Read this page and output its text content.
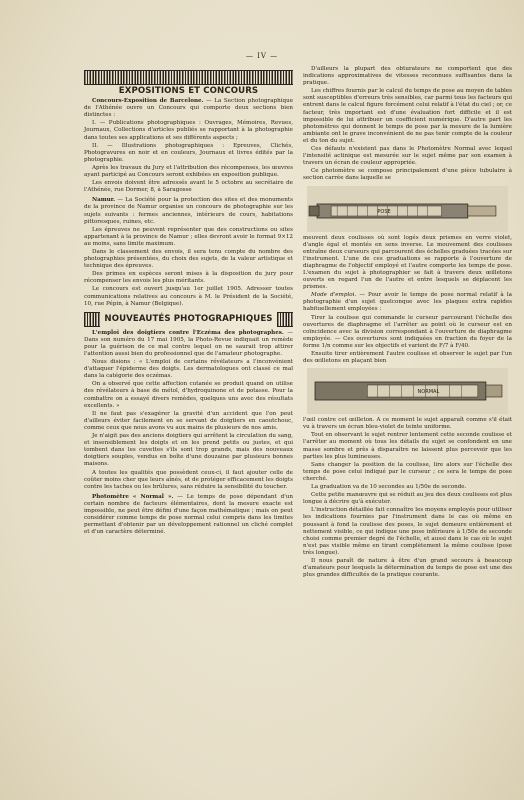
— IV —
EXPOSITIONS ET CONCOURS

Concours-Exposition de Barcelone. — La Section photographique de l'Athénée ouvre un Concours qui comporte deux sections bien distinctes :

I. — Publications photographiques : Ouvrages, Mémoires, Revues, Journaux, Collections d'articles publiés se rapportant à la photographie dans toutes ses applications et ses différents aspects ;

II. — Illustrations photographiques : Epreuves, Clichés, Photogravures en noir et en couleurs, Journaux et livres édités par la photographie.

Après les travaux du Jury et l'attribution des récompenses, les œuvres ayant participé au Concours seront exhibées en exposition publique.

Les envois doivent être adressés avant le 5 octobre au secrétaire de l'Athénée, rue Dormer, 8, à Saragosse

Namur. — La Société pour la protection des sites et des monuments de la province de Namur organise un concours de photographie sur les sujets suivants : fermes anciennes, intérieurs de cours, habitations pittoresques, ruines, etc.

Les épreuves ne peuvent représenter que des constructions ou sites appartenant à la province de Namur ; elles devront avoir le format 9×12 au moins, sans limite maximum.

Dans le classement des envois, il sera tenu compte du nombre des photographies présentées, du choix des sujets, de la valeur artistique et technique des épreuves.

Des primes en espèces seront mises à la disposition du jury pour récompenser les envois les plus méritants.

Le concours est ouvert jusqu'au 1er juillet 1905. Adresser toutes communications relatives au concours à M. le Président de la Société, 10, rue Pépin, à Namur (Belgique).

NOUVEAUTÉS PHOTOGRAPHIQUES

L'emploi des doigtiers contre l'Eczéma des photographes. — Dans son numéro du 17 mai 1905, la Photo-Revue indiquait un remède pour la guérison de ce mal contre lequel on ne saurait trop attirer l'attention aussi bien du professionnel que de l'amateur photographe.

Nous disions : « L'emploi de certains révélateurs a l'inconvénient d'attaquer l'épiderme des doigts. Les dermatologues ont classé ce mal dans la catégorie des eczémas.

On a observé que cette affection cutanée se produit quand on utilise des révélateurs à base de métol, d'hydroquinone et de potasse. Pour la combattre on a essayé divers remèdes, quelques uns avec des résultats excellents. »

Il ne faut pas s'exagérer la gravité d'un accident que l'on peut d'ailleurs éviter facilement en se servant de doigtiers en caoutchouc, comme ceux que nous avons vu aux mains de plusieurs de nos amis.

Je n'aigit pas des anciens doigtiers qui arrêtent la circulation du sang, et insensiblement les doigts et on les prend petits ou justes, et qui tombent dans les cuvettes s'ils sont trop grands, mais des nouveaux doigtiers souples, vendus en boîte d'une douzaine par plusieurs bonnes maisons.

A toutes les qualités que possèdent ceux-ci, il faut ajouter celle de coûter moins cher que leurs aînés, et de protéger efficacement les doigts contre les taches ou les brûlures, sans réduire la sensibilité du toucher.

Photomètre « Normal ». — Le temps de pose dépendant d'un certain nombre de facteurs élémentaires, dont la mesure exacte est impossible, ne peut être défini d'une façon mathématique ; mais on peut considérer comme temps de pose normal celui compris dans les limites permettant d'obtenir par un développement rationnel un cliché complet et d'un caractère déterminé.

D'ailleurs la plupart des obturateurs ne comportent que des indications approximatives de vitesses reconnues suffisantes dans la pratique.

Les chiffres fournis par le calcul du temps de pose au moyen de tables sont susceptibles d'erreurs très sensibles, car parmi tous les facteurs qui entrent dans le calcul figure forcément celui relatif à l'état du ciel ; or, ce facteur, très important est d'une évaluation fort difficile et il est impossible de lui attribuer un coefficient numérique. D'autre part les photomètres qui donnent le temps de pose par la mesure de la lumière ambiante ont le grave inconvénient de ne pas tenir compte de la couleur et du ton du sujet.

Ces défauts n'existent pas dans le Photomètre Normal avec lequel l'intensité actinique est mesurée sur le sujet même par son examen à travers un écran de couleur appropriée.

Ce photomètre se compose principalement d'une pièce tubulaire à section carrée dans laquelle se

POSE

meuvent deux coulisses où sont logés deux prismes en verre violet, d'angle égal et montés en sens inverse. Le mouvement des coulisses entraîne deux curseurs qui parcourent des échelles graduées tracées sur l'instrument. L'une de ces graduations se rapporte à l'ouverture de diaphragme de l'objectif employé et l'autre comporte les temps de pose. L'examen du sujet à photographier se fait à travers deux œilletons ouverts en regard l'un de l'autre et entre lesquels se déplacent les prismes.

Mode d'emploi. — Pour avoir le temps de pose normal relatif à la photographie d'un sujet quelconque avec les plaques extra rapides habituellement employées :

Tirer la coulisse qui commande le curseur parcourant l'échelle des ouvertures de diaphragme et l'arrêter au point où le curseur est en coïncidence avec la division correspondant à l'ouverture de diaphragme employée. — Ces ouvertures sont indiquées en fraction du foyer de la forme 1/n comme sur les objectifs et varient de F/7 à F/40.

Ensuite tirer entièrement l'autre coulisse et observer le sujet par l'un des œilletons en plaçant bien

NORMAL

l'œil contre cet œilleton. A ce moment le sujet apparaît comme s'il était vu à travers un écran bleu-violet de teinte uniforme.

Tout en observant le sujet rentrer lentement cette seconde coulisse et l'arrêter au moment où tous les détails du sujet se confondent en une masse sombre et près à disparaître ne laissent plus percevoir que les parties les plus lumineuses.

Sans changer la position de la coulisse, lire alors sur l'échelle des temps de pose celui indiqué par le curseur ; ce sera le temps de pose cherché.

La graduation va de 10 secondes au 1/50e de seconde.

Cette petite manœuvre qui se réduit au jeu des deux coulisses est plus longue à décrire qu'à exécuter.

L'instruction détaillée fait connaître les moyens employés pour utiliser les indications fournies par l'instrument dans le cas où même en poussant à fond la coulisse des poses, le sujet demeure entièrement et nettement visible, ce qui indique une pose inférieure à 1/50e de seconde choisi comme premier degré de l'échelle, et aussi dans le cas où le sujet n'est pas visible même en tirant complètement la même coulisse (pose très longue).

Il nous paraît de nature à être d'un grand secours à beaucoup d'amateurs pour lesquels la détermination du temps de pose est une des plus grandes difficultés de la pratique courante.
